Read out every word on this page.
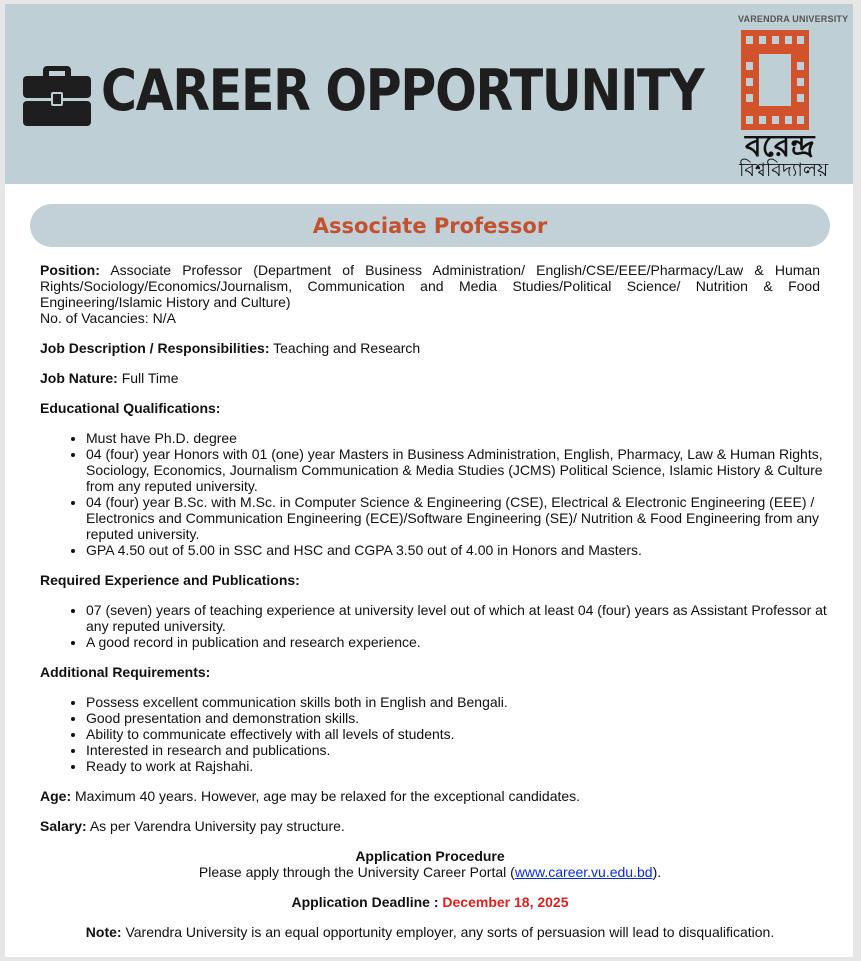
CAREER OPPORTUNITY
VARENDRA UNIVERSITY
বরেন্দ্র
বিশ্ববিদ্যালয়
Associate Professor

Position: Associate Professor (Department of Business Administration/ English/CSE/EEE/Pharmacy/Law & Human Rights/Sociology/Economics/Journalism, Communication and Media Studies/Political Science/ Nutrition & Food Engineering/Islamic History and Culture)
No. of Vacancies: N/A

Job Description / Responsibilities: Teaching and Research

Job Nature: Full Time

Educational Qualifications:

• Must have Ph.D. degree
• 04 (four) year Honors with 01 (one) year Masters in Business Administration, English, Pharmacy, Law & Human Rights, Sociology, Economics, Journalism Communication & Media Studies (JCMS) Political Science, Islamic History & Culture from any reputed university.
• 04 (four) year B.Sc. with M.Sc. in Computer Science & Engineering (CSE), Electrical & Electronic Engineering (EEE) / Electronics and Communication Engineering (ECE)/Software Engineering (SE)/ Nutrition & Food Engineering from any reputed university.
• GPA 4.50 out of 5.00 in SSC and HSC and CGPA 3.50 out of 4.00 in Honors and Masters.

Required Experience and Publications:

• 07 (seven) years of teaching experience at university level out of which at least 04 (four) years as Assistant Professor at any reputed university.
• A good record in publication and research experience.

Additional Requirements:

• Possess excellent communication skills both in English and Bengali.
• Good presentation and demonstration skills.
• Ability to communicate effectively with all levels of students.
• Interested in research and publications.
• Ready to work at Rajshahi.

Age: Maximum 40 years. However, age may be relaxed for the exceptional candidates.

Salary: As per Varendra University pay structure.

Application Procedure
Please apply through the University Career Portal (www.career.vu.edu.bd).

Application Deadline : December 18, 2025

Note: Varendra University is an equal opportunity employer, any sorts of persuasion will lead to disqualification.
